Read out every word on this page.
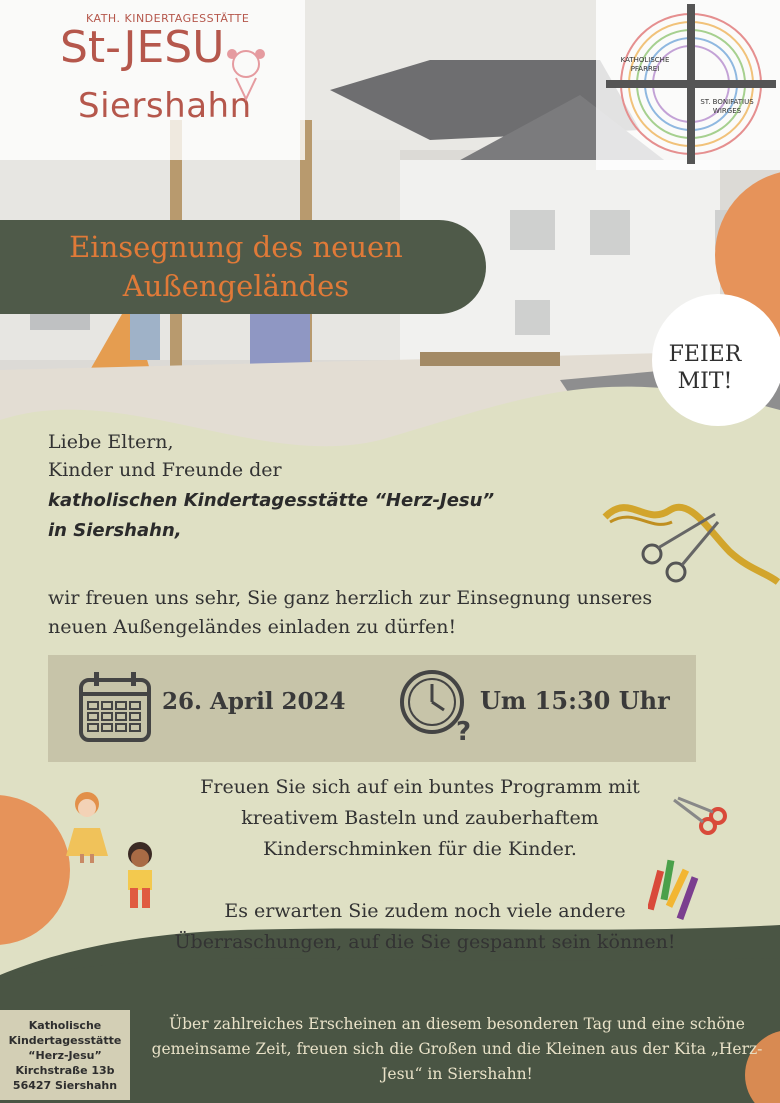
KATH. KINDERTAGESSTÄTTE
St-JESU
Siershahn
KATHOLISCHE PFARREI
ST. BONIFATIUS WIRGES
Einsegnung des neuen
Außengeländes
FEIER
MIT!
Liebe Eltern,
Kinder und Freunde der
katholischen Kindertagesstätte “Herz-Jesu”
in Siershahn,
wir freuen uns sehr, Sie ganz herzlich zur Einsegnung unseres neuen Außengeländes einladen zu dürfen!
26. April 2024
?
Um 15:30 Uhr
Freuen Sie sich auf ein buntes Programm mit kreativem Basteln und zauberhaftem Kinderschminken für die Kinder.
Es erwarten Sie zudem noch viele andere Überraschungen, auf die Sie gespannt sein können!
Katholische
Kindertagesstätte
“Herz-Jesu”
Kirchstraße 13b
56427 Siershahn
Über zahlreiches Erscheinen an diesem besonderen Tag und eine schöne gemeinsame Zeit, freuen sich die Großen und die Kleinen aus der Kita „Herz-Jesu“ in Siershahn!
